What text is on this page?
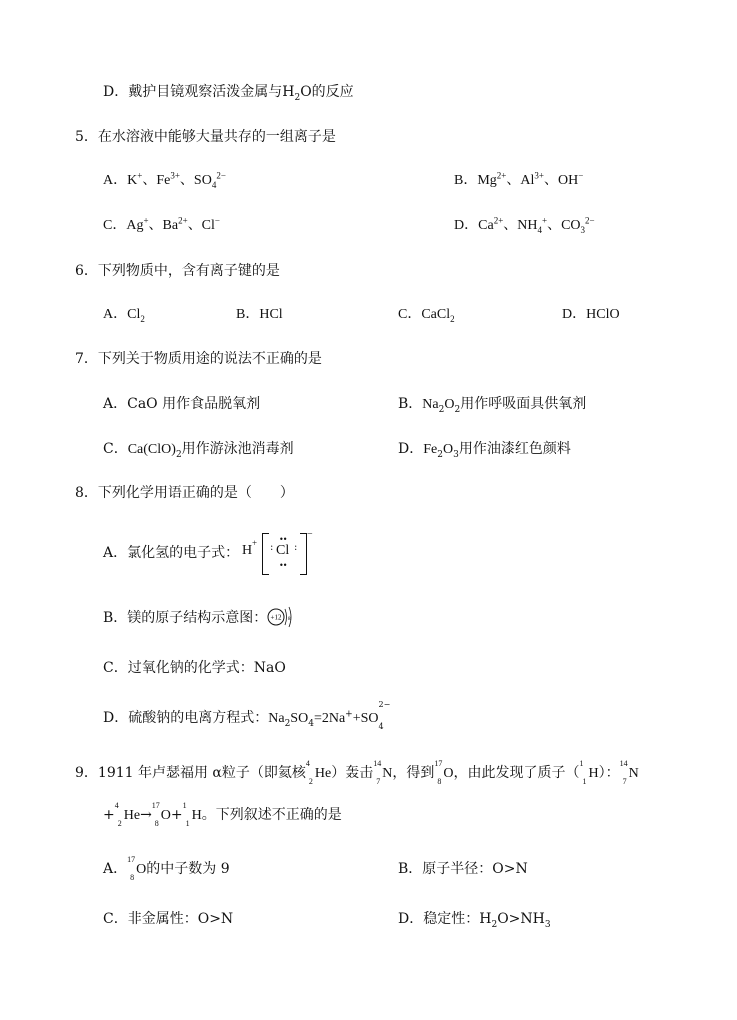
D．戴护目镜观察活泼金属与$H_2O$的反应
5．在水溶液中能够大量共存的一组离子是
A．K+、$Fe^{3+}$、$SO_4^{2-}$	B．$Mg^{2+}$、$Al^{3+}$、OH−
C．Ag+、$Ba^{2+}$、Cl−	D．$Ca^{2+}$、$NH_4^+$、$CO_3^{2-}$
6．下列物质中，含有离子键的是
A．$Cl_2$	B．HCl	C．CaCl$_2$	D．HClO
7．下列关于物质用途的说法不正确的是
A．CaO 用作食品脱氧剂	B．$Na_2O_2$用作呼吸面具供氧剂
C．$Ca(ClO)_2$用作游泳池消毒剂	D．$Fe_2O_3$用作油漆红色颜料
8．下列化学用语正确的是（　　）
A．氯化氢的电子式： H + Cl
: :
••
••
−
B．镁的原子结构示意图： +12 8
C．过氧化钠的化学式：NaO
D．硫酸钠的电离方程式：$Na_2SO_4=2Na^++SO$
2−
4

9．1911 年卢瑟福用 α粒子（即氦核
4
2
He）轰击
14
7
N，得到
17
8
O，由此发现了质子（
1
1
H）：
14
7
N
+
4
2
He→
17
8
O+
1
1
H。下列叙述不正确的是
A．
17
8
O的中子数为 9	B．原子半径：O>N
C．非金属性：O>N	D．稳定性：$H_2O>NH_3$
